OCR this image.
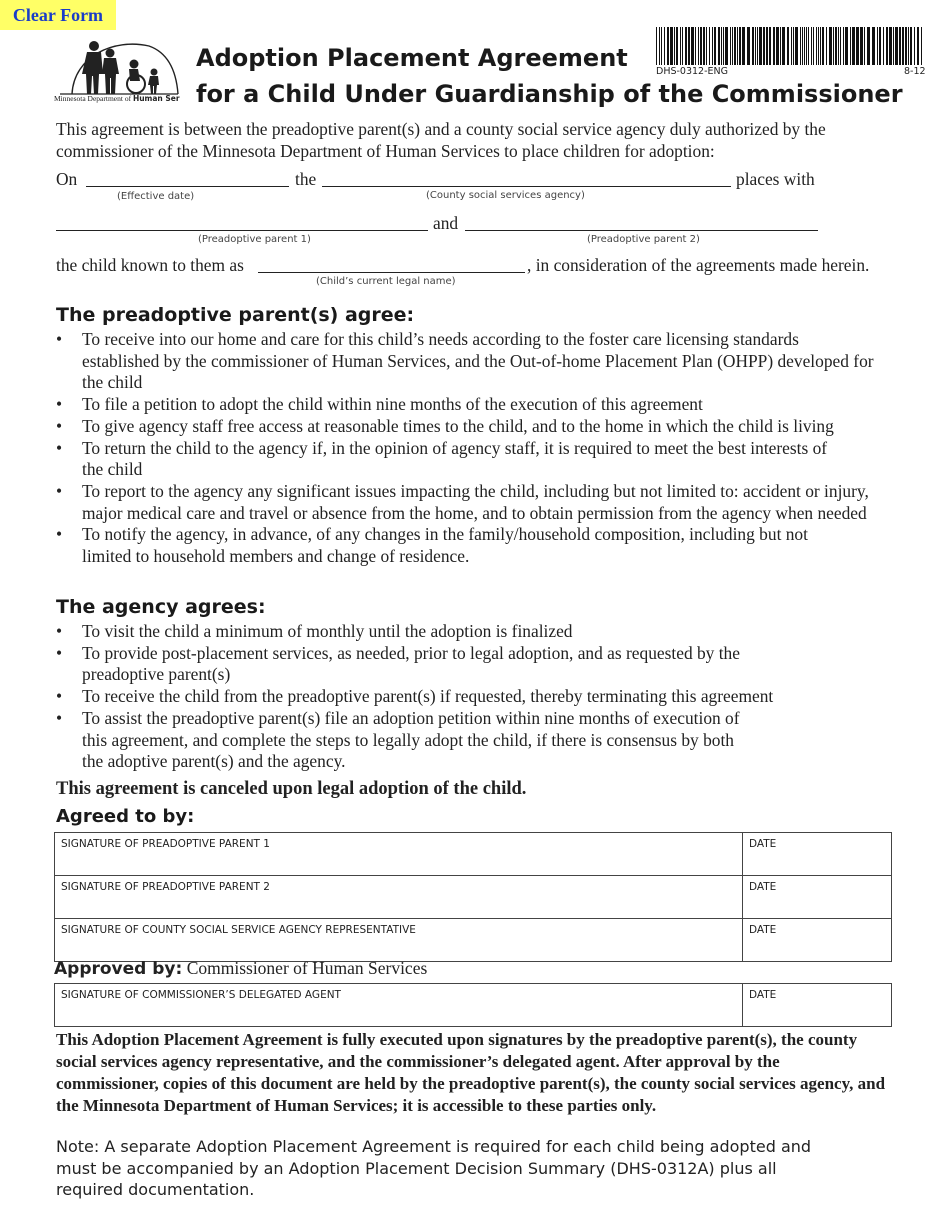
Clear Form
Minnesota Department of Human Ser
Adoption Placement Agreement
for a Child Under Guardianship of the Commissioner
DHS-0312-ENG	8-12
This agreement is between the preadoptive parent(s) and a county social service agency duly authorized by the commissioner of the Minnesota Department of Human Services to place children for adoption:
On	the	places with
(Effective date)	(County social services agency)
and
(Preadoptive parent 1)	(Preadoptive parent 2)
the child known to them as	, in consideration of the agreements made herein.
(Child’s current legal name)
The preadoptive parent(s) agree:
• To receive into our home and care for this child’s needs according to the foster care licensing standards established by the commissioner of Human Services, and the Out-of-home Placement Plan (OHPP) developed for the child
• To file a petition to adopt the child within nine months of the execution of this agreement
• To give agency staff free access at reasonable times to the child, and to the home in which the child is living
• To return the child to the agency if, in the opinion of agency staff, it is required to meet the best interests of the child
• To report to the agency any significant issues impacting the child, including but not limited to: accident or injury, major medical care and travel or absence from the home, and to obtain permission from the agency when needed
• To notify the agency, in advance, of any changes in the family/household composition, including but not limited to household members and change of residence.
The agency agrees:
• To visit the child a minimum of monthly until the adoption is finalized
• To provide post-placement services, as needed, prior to legal adoption, and as requested by the preadoptive parent(s)
• To receive the child from the preadoptive parent(s) if requested, thereby terminating this agreement
• To assist the preadoptive parent(s) file an adoption petition within nine months of execution of this agreement, and complete the steps to legally adopt the child, if there is consensus by both the adoptive parent(s) and the agency.
This agreement is canceled upon legal adoption of the child.
Agreed to by:
SIGNATURE OF PREADOPTIVE PARENT 1	DATE
SIGNATURE OF PREADOPTIVE PARENT 2	DATE
SIGNATURE OF COUNTY SOCIAL SERVICE AGENCY REPRESENTATIVE	DATE
Approved by: Commissioner of Human Services
SIGNATURE OF COMMISSIONER’S DELEGATED AGENT	DATE
This Adoption Placement Agreement is fully executed upon signatures by the preadoptive parent(s), the county social services agency representative, and the commissioner’s delegated agent. After approval by the commissioner, copies of this document are held by the preadoptive parent(s), the county social services agency, and the Minnesota Department of Human Services; it is accessible to these parties only.
Note: A separate Adoption Placement Agreement is required for each child being adopted and must be accompanied by an Adoption Placement Decision Summary (DHS-0312A) plus all required documentation.
